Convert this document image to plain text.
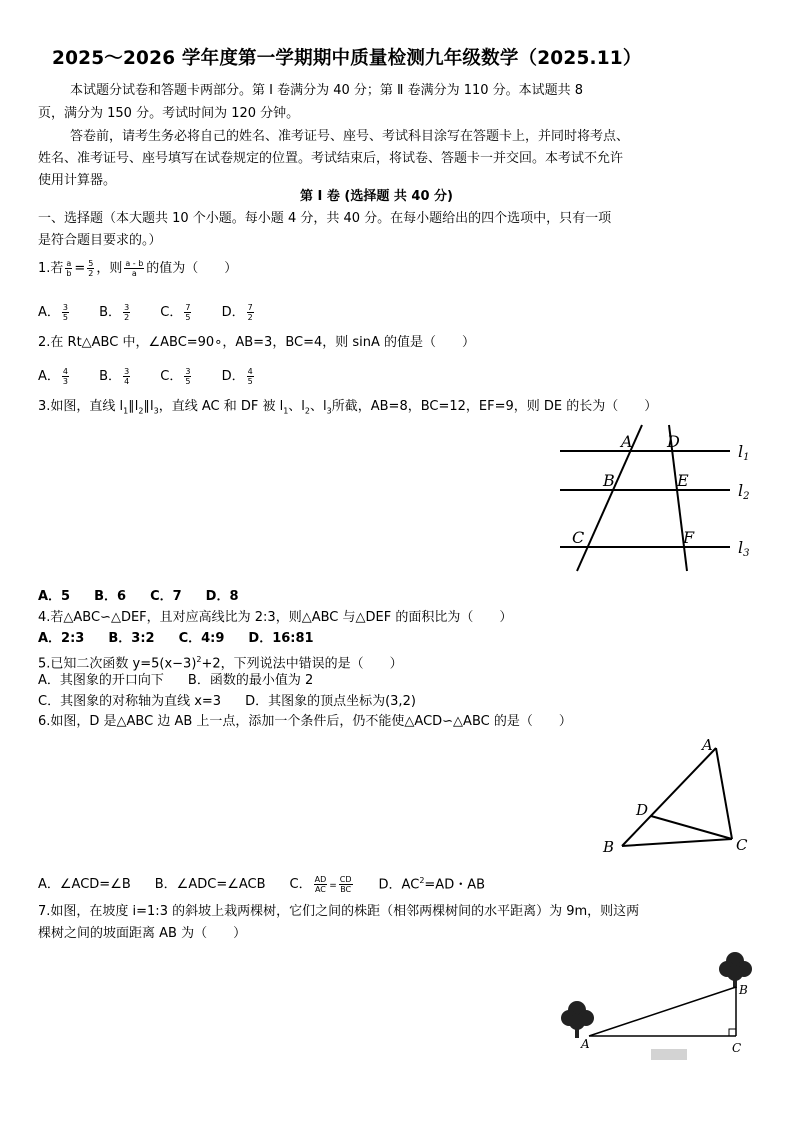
2025～2026 学年度第一学期期中质量检测九年级数学（2025.11）
本试题分试卷和答题卡两部分。第 Ⅰ 卷满分为 40 分；第 Ⅱ 卷满分为 110 分。本试题共 8
页，满分为 150 分。考试时间为 120 分钟。
答卷前，请考生务必将自己的姓名、准考证号、座号、考试科目涂写在答题卡上，并同时将考点、
姓名、准考证号、座号填写在试卷规定的位置。考试结束后，将试卷、答题卡一并交回。本考试不允许
使用计算器。
第 Ⅰ 卷 (选择题 共 40 分)
一、选择题（本大题共 10 个小题。每小题 4 分，共 40 分。在每小题给出的四个选项中，只有一项
是符合题目要求的。）
1.若 $\frac{a}{b} = \frac{5}{2}$ ，则 $\frac{a - b}{a}$ 的值为（　　）
A． $\frac{3}{5}$ B． $\frac{3}{2}$ C． $\frac{7}{5}$ D． $\frac{7}{2}$
2.在 Rt△ABC 中，∠ABC=90∘，AB=3，BC=4，则 sinA 的值是（　　）
A． $\frac{4}{3}$ B． $\frac{3}{4}$ C． $\frac{3}{5}$ D． $\frac{4}{5}$
3.如图，直线 $l_1\parallel l_2\parallel l_3$，直线 AC 和 DF 被 $l_1$、$l_2$、$l_3$所截，AB=8，BC=12，EF=9，则 DE 的长为（　　）
A D
B	E
C	F
l1
l2
l3
A．5 B．6 C．7 D．8
4.若△ABC∽△DEF，且对应高线比为 2:3，则△ABC 与△DEF 的面积比为（　　）
A．2:3 B．3:2 C．4:9 D．16:81
5.已知二次函数 $y=5(x-3)^2+2$，下列说法中错误的是（　　）
A．其图象的开口向下 B．函数的最小值为 2
C．其图象的对称轴为直线 x=3 D．其图象的顶点坐标为(3,2)
6.如图，D 是△ABC 边 AB 上一点，添加一个条件后，仍不能使△ACD∽△ABC 的是（　　）
A
B	C
D
A．∠ACD=∠B B．∠ADC=∠ACB C． $\frac{AD}{AC} = \frac{CD}{BC}$ D．$AC^2=AD$・AB
7.如图，在坡度 i=1:3 的斜坡上栽两棵树，它们之间的株距（相邻两棵树间的水平距离）为 9m，则这两
棵树之间的坡面距离 AB 为（　　）
A
B
C
